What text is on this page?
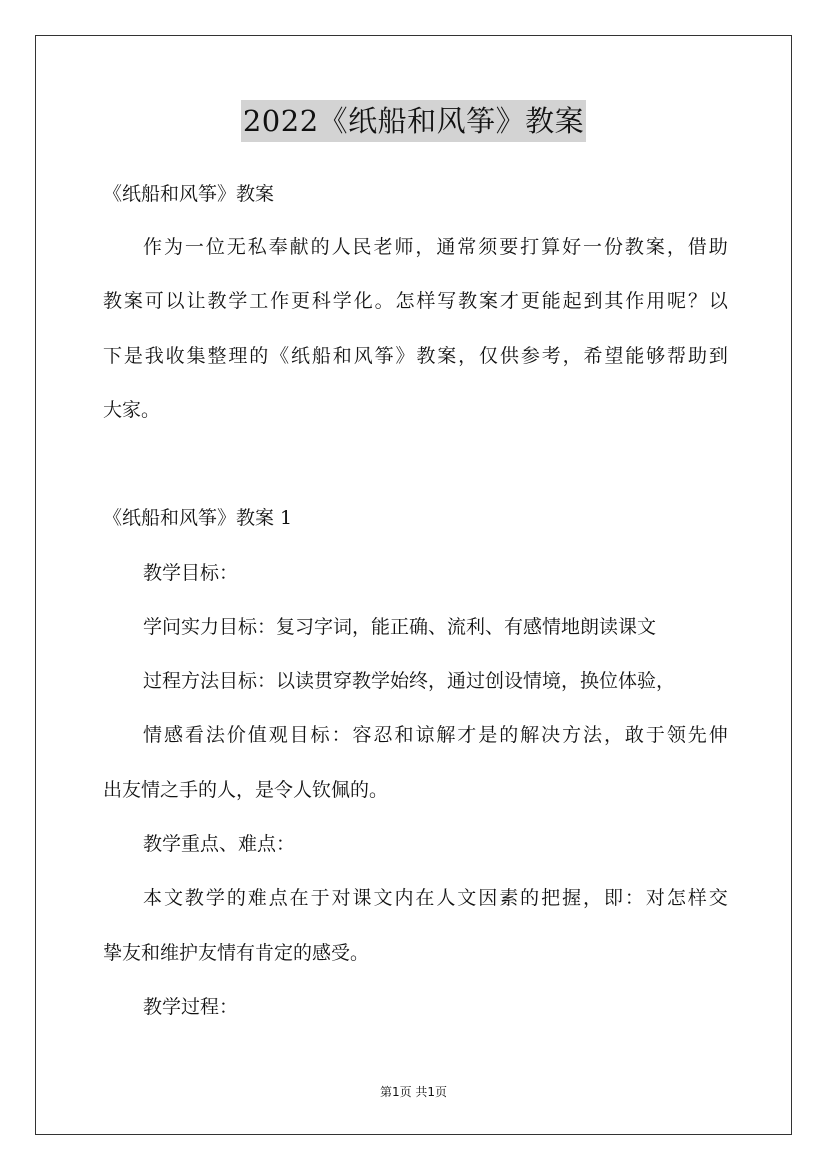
2022《纸船和风筝》教案
《纸船和风筝》教案
作 为 一 位 无 私 奉 献 的 人 民 老 师 ， 通 常 须 要 打 算 好 一 份 教 案 ， 借 助
教 案 可 以 让 教 学 工 作 更 科 学 化 。 怎 样 写 教 案 才 更 能 起 到 其 作 用 呢 ？ 以
下 是 我 收 集 整 理 的 《 纸 船 和 风 筝 》 教 案 ， 仅 供 参 考 ， 希 望 能 够 帮 助 到
大家。
《纸船和风筝》教案 1
教学目标：
学问实力目标：复习字词，能正确、流利、有感情地朗读课文
过程方法目标：以读贯穿教学始终，通过创设情境，换位体验，
情 感 看 法 价 值 观 目 标 ： 容 忍 和 谅 解 才 是 的 解 决 方 法 ， 敢 于 领 先 伸
出友情之手的人，是令人钦佩的。
教学重点、难点：
本 文 教 学 的 难 点 在 于 对 课 文 内 在 人 文 因 素 的 把 握 ， 即 ： 对 怎 样 交
挚友和维护友情有肯定的感受。
教学过程：
第1页 共1页
